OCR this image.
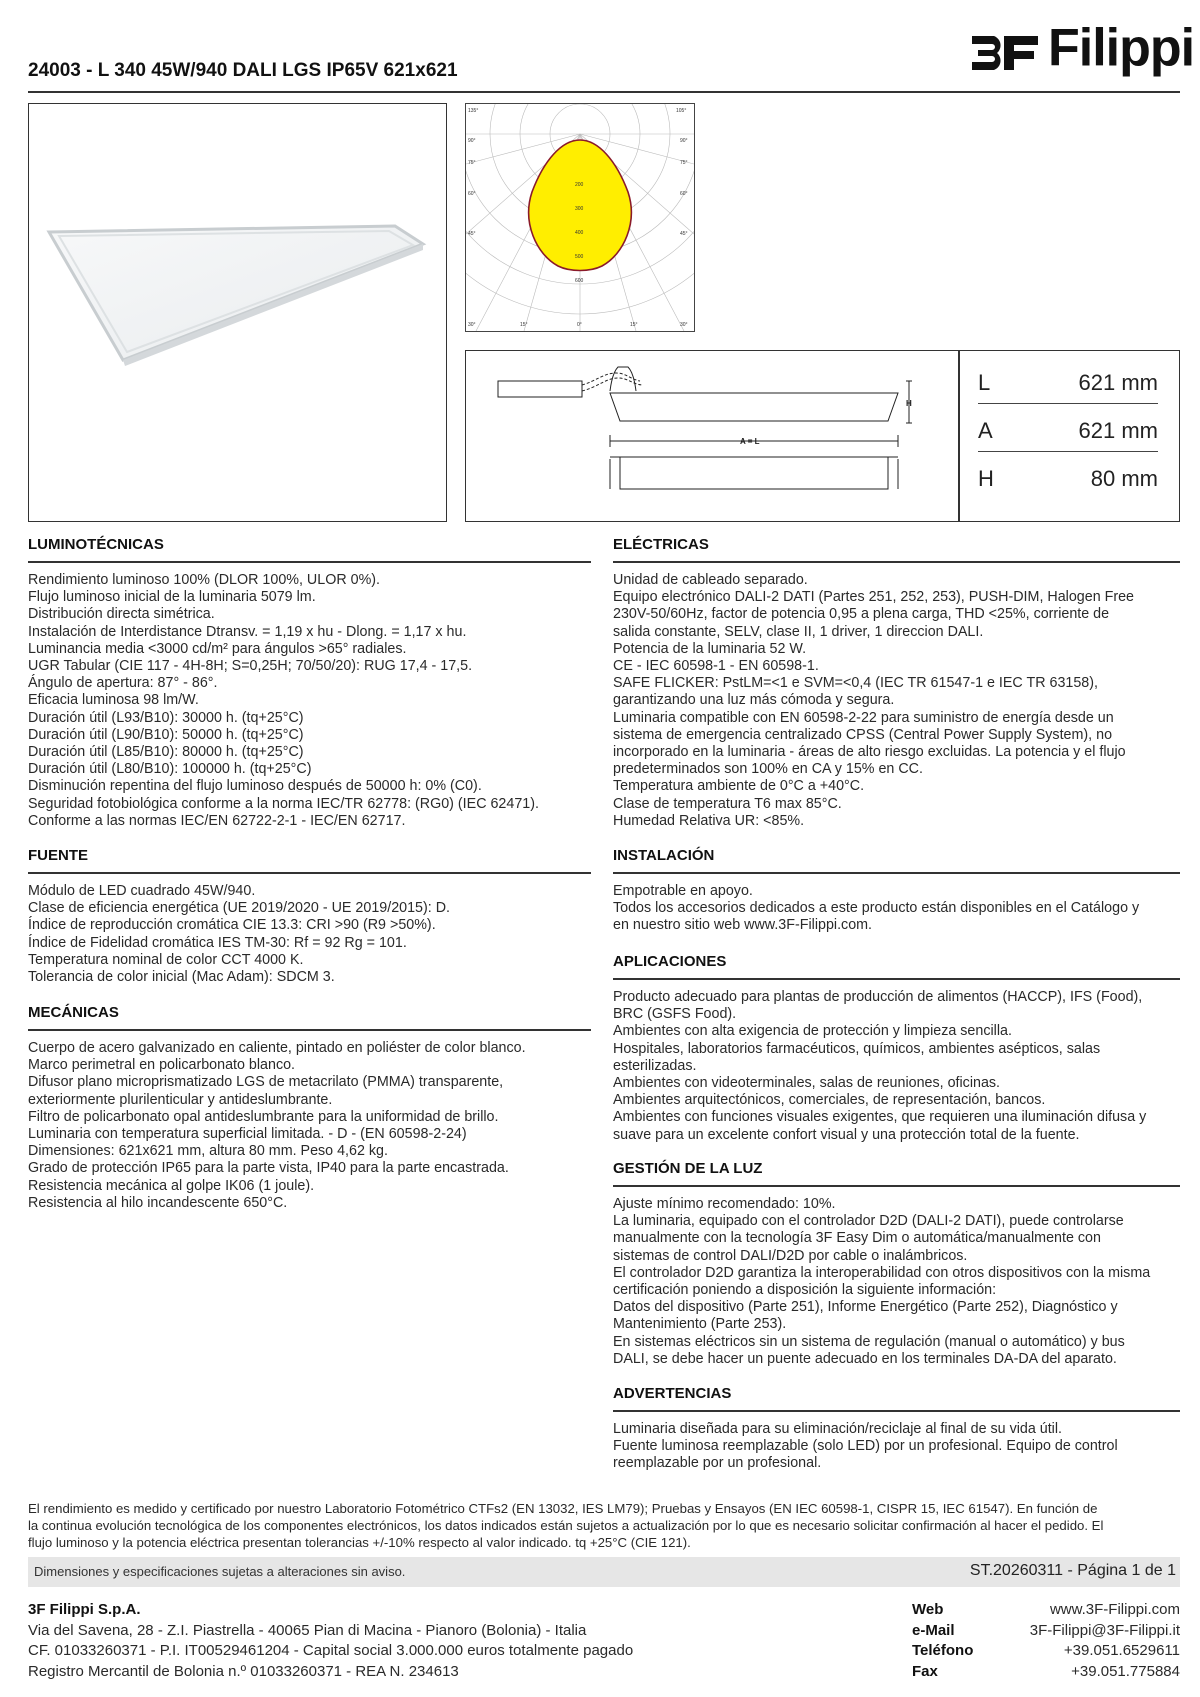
24003 - L 340 45W/940 DALI LGS IP65V 621x621	Filippi
135°	105°
90°
75°
60°
45°
90°
75°
60°
45°
200
300
400
500
600
30°	15°	0°	15°	30°
H
A = L
L	621 mm
A	621 mm
H	80 mm
LUMINOTÉCNICAS
Rendimiento luminoso 100% (DLOR 100%, ULOR 0%).
Flujo luminoso inicial de la luminaria 5079 lm.
Distribución directa simétrica.
Instalación de Interdistance Dtransv. = 1,19 x hu - Dlong. = 1,17 x hu.
Luminancia media <3000 cd/m² para ángulos >65° radiales.
UGR Tabular (CIE 117 - 4H-8H; S=0,25H; 70/50/20): RUG 17,4 - 17,5.
Ángulo de apertura: 87° - 86°.
Eficacia luminosa 98 lm/W.
Duración útil (L93/B10): 30000 h. (tq+25°C)
Duración útil (L90/B10): 50000 h. (tq+25°C)
Duración útil (L85/B10): 80000 h. (tq+25°C)
Duración útil (L80/B10): 100000 h. (tq+25°C)
Disminución repentina del flujo luminoso después de 50000 h: 0% (C0).
Seguridad fotobiológica conforme a la norma IEC/TR 62778: (RG0) (IEC 62471).
Conforme a las normas IEC/EN 62722-2-1 - IEC/EN 62717.
FUENTE
Módulo de LED cuadrado 45W/940.
Clase de eficiencia energética (UE 2019/2020 - UE 2019/2015): D.
Índice de reproducción cromática CIE 13.3: CRI >90 (R9 >50%).
Índice de Fidelidad cromática IES TM-30: Rf = 92 Rg = 101.
Temperatura nominal de color CCT 4000 K.
Tolerancia de color inicial (Mac Adam): SDCM 3.
MECÁNICAS
Cuerpo de acero galvanizado en caliente, pintado en poliéster de color blanco.
Marco perimetral en policarbonato blanco.
Difusor plano microprismatizado LGS de metacrilato (PMMA) transparente,
exteriormente plurilenticular y antideslumbrante.
Filtro de policarbonato opal antideslumbrante para la uniformidad de brillo.
Luminaria con temperatura superficial limitada. - D - (EN 60598-2-24)
Dimensiones: 621x621 mm, altura 80 mm. Peso 4,62 kg.
Grado de protección IP65 para la parte vista, IP40 para la parte encastrada.
Resistencia mecánica al golpe IK06 (1 joule).
Resistencia al hilo incandescente 650°C.
ELÉCTRICAS
Unidad de cableado separado.
Equipo electrónico DALI-2 DATI (Partes 251, 252, 253), PUSH-DIM, Halogen Free
230V-50/60Hz, factor de potencia 0,95 a plena carga, THD <25%, corriente de
salida constante, SELV, clase II, 1 driver, 1 direccion DALI.
Potencia de la luminaria 52 W.
CE - IEC 60598-1 - EN 60598-1.
SAFE FLICKER: PstLM=<1 e SVM=<0,4 (IEC TR 61547-1 e IEC TR 63158),
garantizando una luz más cómoda y segura.
Luminaria compatible con EN 60598-2-22 para suministro de energía desde un
sistema de emergencia centralizado CPSS (Central Power Supply System), no
incorporado en la luminaria - áreas de alto riesgo excluidas. La potencia y el flujo
predeterminados son 100% en CA y 15% en CC.
Temperatura ambiente de 0°C a +40°C.
Clase de temperatura T6 max 85°C.
Humedad Relativa UR: <85%.
INSTALACIÓN
Empotrable en apoyo.
Todos los accesorios dedicados a este producto están disponibles en el Catálogo y
en nuestro sitio web www.3F-Filippi.com.
APLICACIONES
Producto adecuado para plantas de producción de alimentos (HACCP), IFS (Food),
BRC (GSFS Food).
Ambientes con alta exigencia de protección y limpieza sencilla.
Hospitales, laboratorios farmacéuticos, químicos, ambientes asépticos, salas
esterilizadas.
Ambientes con videoterminales, salas de reuniones, oficinas.
Ambientes arquitectónicos, comerciales, de representación, bancos.
Ambientes con funciones visuales exigentes, que requieren una iluminación difusa y
suave para un excelente confort visual y una protección total de la fuente.
GESTIÓN DE LA LUZ
Ajuste mínimo recomendado: 10%.
La luminaria, equipado con el controlador D2D (DALI-2 DATI), puede controlarse
manualmente con la tecnología 3F Easy Dim o automática/manualmente con
sistemas de control DALI/D2D por cable o inalámbricos.
El controlador D2D garantiza la interoperabilidad con otros dispositivos con la misma
certificación poniendo a disposición la siguiente información:
Datos del dispositivo (Parte 251), Informe Energético (Parte 252), Diagnóstico y
Mantenimiento (Parte 253).
En sistemas eléctricos sin un sistema de regulación (manual o automático) y bus
DALI, se debe hacer un puente adecuado en los terminales DA-DA del aparato.
ADVERTENCIAS
Luminaria diseñada para su eliminación/reciclaje al final de su vida útil.
Fuente luminosa reemplazable (solo LED) por un profesional. Equipo de control
reemplazable por un profesional.
El rendimiento es medido y certificado por nuestro Laboratorio Fotométrico CTFs2 (EN 13032, IES LM79); Pruebas y Ensayos (EN IEC 60598-1, CISPR 15, IEC 61547). En función de
la continua evolución tecnológica de los componentes electrónicos, los datos indicados están sujetos a actualización por lo que es necesario solicitar confirmación al hacer el pedido. El
flujo luminoso y la potencia eléctrica presentan tolerancias +/-10% respecto al valor indicado. tq +25°C (CIE 121).
Dimensiones y especificaciones sujetas a alteraciones sin aviso.	ST.20260311 - Página 1 de 1
3F Filippi S.p.A.
Via del Savena, 28 - Z.I. Piastrella - 40065 Pian di Macina - Pianoro (Bolonia) - Italia
CF. 01033260371 - P.I. IT00529461204 - Capital social 3.000.000 euros totalmente pagado
Registro Mercantil de Bolonia n.º 01033260371 - REA N. 234613
Web	www.3F-Filippi.com
e-Mail	3F-Filippi@3F-Filippi.it
Teléfono	+39.051.6529611
Fax	+39.051.775884
